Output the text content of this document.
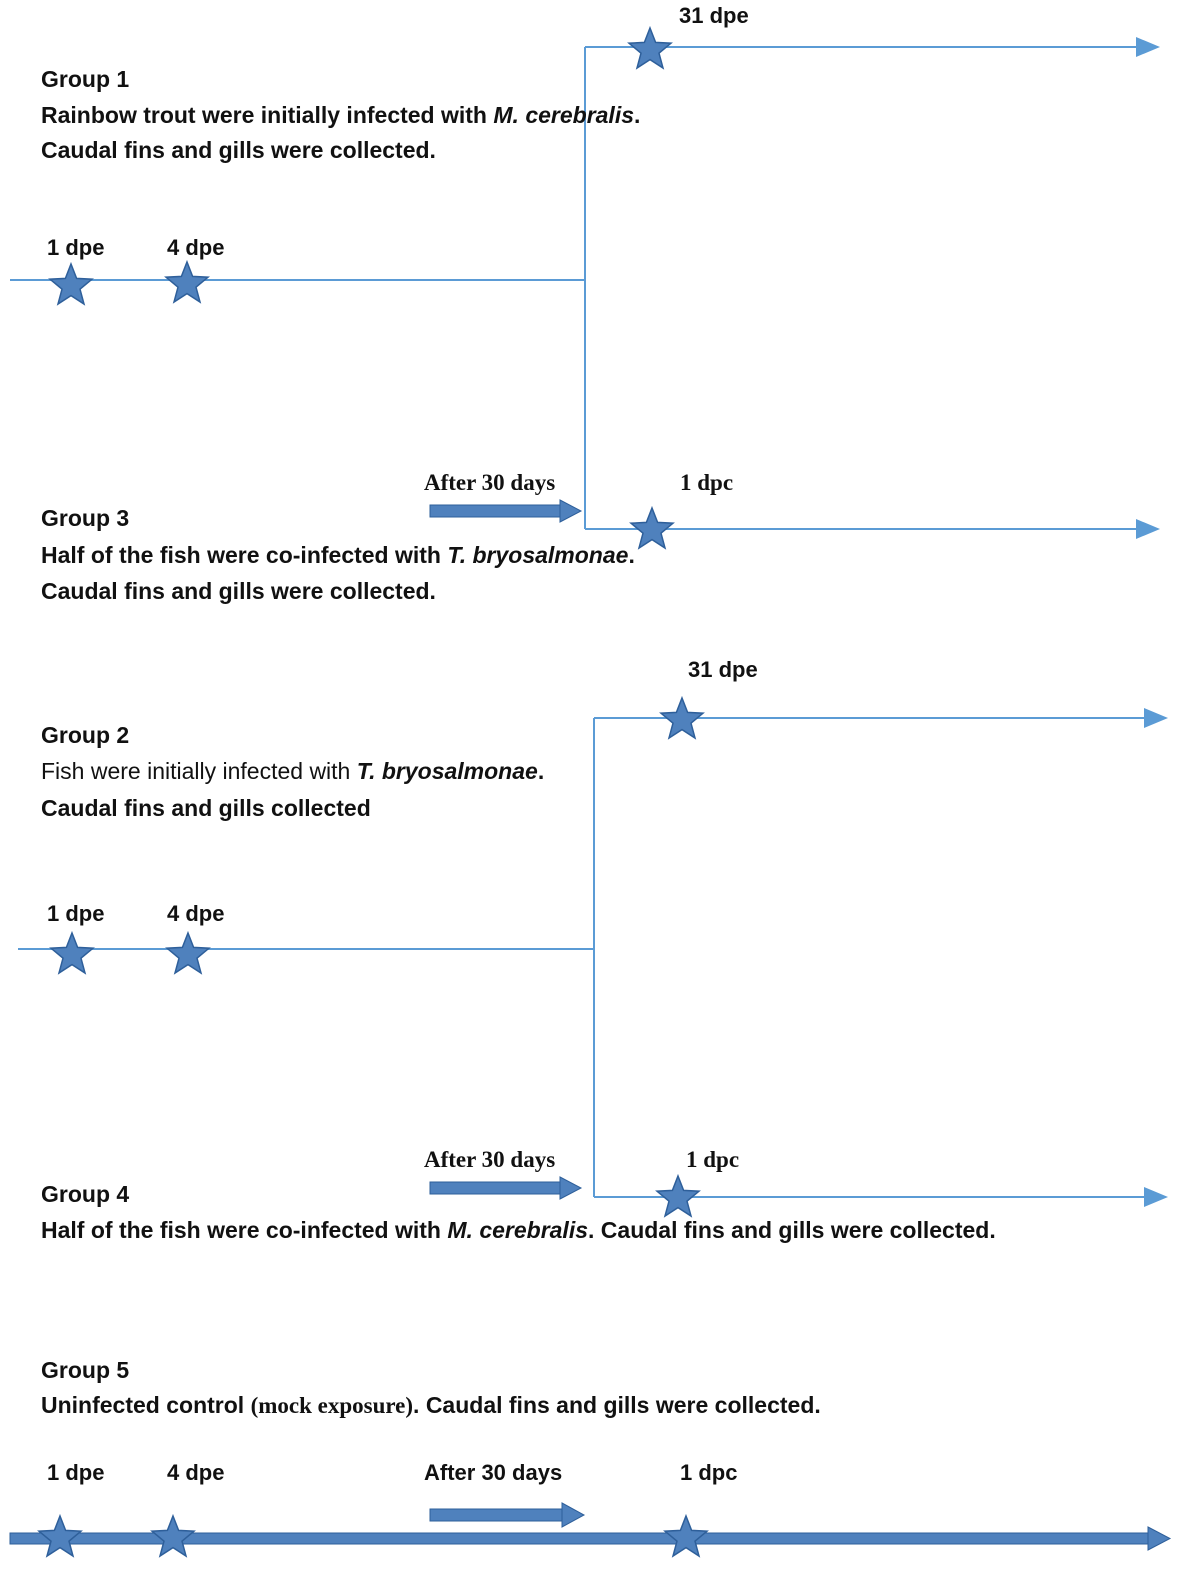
Group 1
Rainbow trout were initially infected with M. cerebralis.
Caudal fins and gills were collected.
1 dpe	4 dpe
31 dpe
After 30 days	1 dpc
Group 3
Half of the fish were co-infected with T. bryosalmonae.
Caudal fins and gills were collected.
31 dpe
Group 2
Fish were initially infected with T. bryosalmonae.
Caudal fins and gills collected
1 dpe	4 dpe
After 30 days	1 dpc
Group 4
Half of the fish were co-infected with M. cerebralis. Caudal fins and gills were collected.
Group 5
Uninfected control (mock exposure). Caudal fins and gills were collected.
1 dpe	4 dpe	After 30 days	1 dpc
